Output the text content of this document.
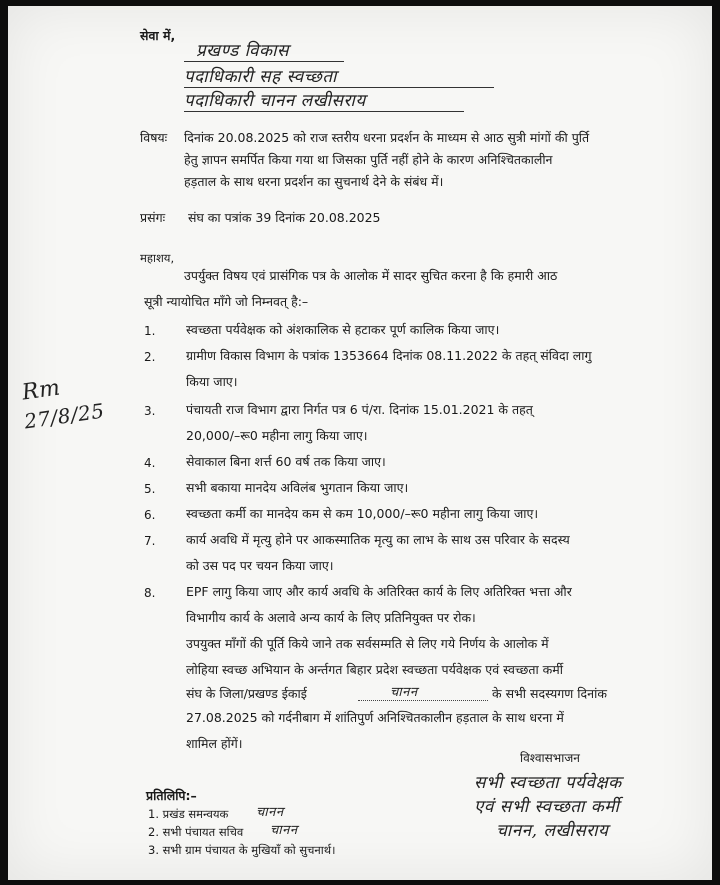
सेवा में,
प्रखण्ड विकास
पदाधिकारी सह स्वच्छता
पदाधिकारी चानन लखीसराय
विषयः दिनांक 20.08.2025 को राज स्तरीय धरना प्रदर्शन के माध्यम से आठ सुत्री मांगों की पुर्ति
हेतु ज्ञापन समर्पित किया गया था जिसका पुर्ति नहीं होने के कारण अनिश्चितकालीन
हड़ताल के साथ धरना प्रदर्शन का सुचनार्थ देने के संबंध में।
प्रसंगः संघ का पत्रांक 39 दिनांक 20.08.2025
महाशय,
उपर्युक्त विषय एवं प्रासंगिक पत्र के आलोक में सादर सुचित करना है कि हमारी आठ
सूत्री न्यायोचित माँगे जो निम्नवत् है:–
1. स्वच्छता पर्यवेक्षक को अंशकालिक से हटाकर पूर्ण कालिक किया जाए।
2. ग्रामीण विकास विभाग के पत्रांक 1353664 दिनांक 08.11.2022 के तहत् संविदा लागु
किया जाए।
3. पंचायती राज विभाग द्वारा निर्गत पत्र 6 पं/रा. दिनांक 15.01.2021 के तहत्
20,000/–रू0 महीना लागु किया जाए।
4. सेवाकाल बिना शर्त्त 60 वर्ष तक किया जाए।
5. सभी बकाया मानदेय अविलंब भुगतान किया जाए।
6. स्वच्छता कर्मी का मानदेय कम से कम 10,000/–रू0 महीना लागु किया जाए।
7. कार्य अवधि में मृत्यु होने पर आकस्मातिक मृत्यु का लाभ के साथ उस परिवार के सदस्य
को उस पद पर चयन किया जाए।
8. EPF लागु किया जाए और कार्य अवधि के अतिरिक्त कार्य के लिए अतिरिक्त भत्ता और
विभागीय कार्य के अलावे अन्य कार्य के लिए प्रतिनियुक्त पर रोक।
उपयुक्त मॉंगों की पूर्ति किये जाने तक सर्वसम्मति से लिए गये निर्णय के आलोक में
लोहिया स्वच्छ अभियान के अर्न्तगत बिहार प्रदेश स्वच्छता पर्यवेक्षक एवं स्वच्छता कर्मी
संघ के जिला/प्रखण्ड ईकाई	चानन	के सभी सदस्यगण दिनांक
27.08.2025 को गर्दनीबाग में शांतिपुर्ण अनिश्चितकालीन हड़ताल के साथ धरना में
शामिल होंगें।
Rm
27/8/25
विश्वासभाजन
सभी स्वच्छता पर्यवेक्षक
एवं सभी स्वच्छता कर्मी
चानन, लखीसराय
प्रतिलिपि:–
1. प्रखंड समन्वयक चानन
2. सभी पंचायत सचिव चानन
3. सभी ग्राम पंचायत के मुखियाँ को सुचनार्थ।
